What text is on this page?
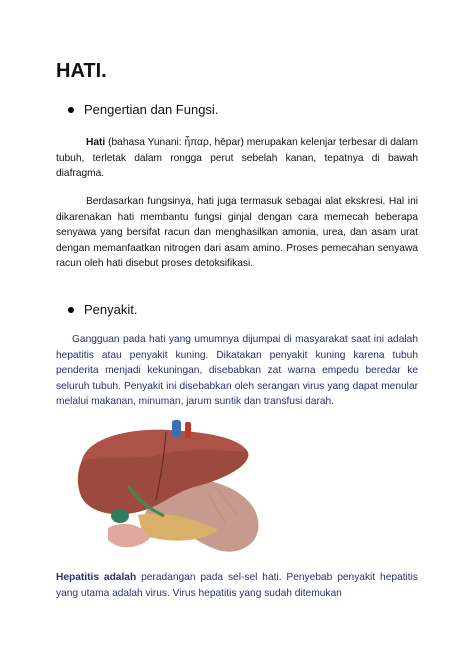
HATI.
Pengertian dan Fungsi.

Hati (bahasa Yunani: ἧπαρ, hēpar) merupakan kelenjar terbesar di dalam tubuh, terletak dalam rongga perut sebelah kanan, tepatnya di bawah diafragma.

Berdasarkan fungsinya, hati juga termasuk sebagai alat ekskresi. Hal ini dikarenakan hati membantu fungsi ginjal dengan cara memecah beberapa senyawa yang bersifat racun dan menghasilkan amonia, urea, dan asam urat dengan memanfaatkan nitrogen dari asam amino. Proses pemecahan senyawa racun oleh hati disebut proses detoksifikasi.

Penyakit.

Gangguan pada hati yang umumnya dijumpai di masyarakat saat ini adalah hepatitis atau penyakit kuning. Dikatakan penyakit kuning karena tubuh penderita menjadi kekuningan, disebabkan zat warna empedu beredar ke seluruh tubuh. Penyakit ini disebabkan oleh serangan virus yang dapat menular melalui makanan, minuman, jarum suntik dan transfusi darah.

Hepatitis adalah peradangan pada sel-sel hati. Penyebab penyakit hepatitis yang utama adalah virus. Virus hepatitis yang sudah ditemukan
